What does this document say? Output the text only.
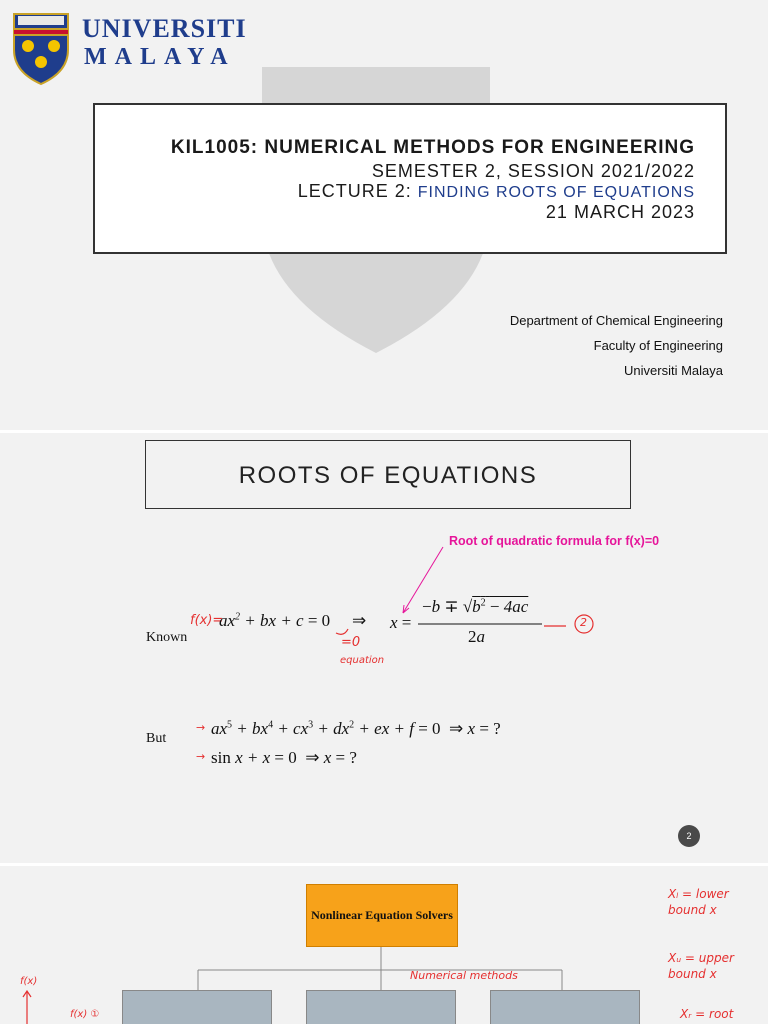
UNIVERSITI
MALAYA
KIL1005: NUMERICAL METHODS FOR ENGINEERING
SEMESTER 2, SESSION 2021/2022
LECTURE 2: FINDING ROOTS OF EQUATIONS
21 MARCH 2023
Department of Chemical Engineering
Faculty of Engineering
Universiti Malaya
ROOTS OF EQUATIONS
Root of quadratic formula for f(x)=0
Known
f(x)=
$ax^2$ + bx + c = 0 ⇒ x =
$-b \mp √b^2 - 4ac$
2a
2
=0
equation
But
→
→
$ax^5 + bx^4 + cx^3 + dx^2$ + ex + f = 0  ⇒ x = ?
sin x + x = 0  ⇒ x = ?
2
Nonlinear Equation Solvers
Numerical methods
f(x)
f(x) ①
Xₗ = lower bound x
Xᵤ = upper bound x
Xᵣ = root
